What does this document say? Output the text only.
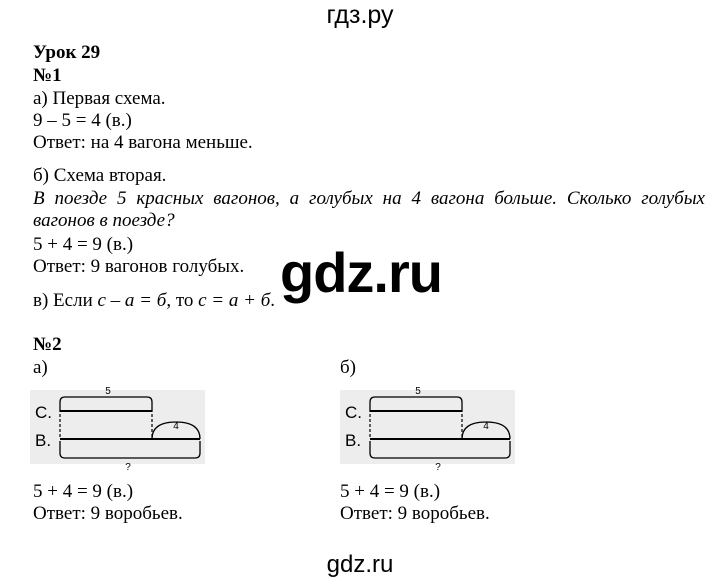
гдз.ру
Урок 29
№1
а) Первая схема.
9 – 5 = 4 (в.)
Ответ: на 4 вагона меньше.
б) Схема вторая.
В поезде 5 красных вагонов, а голубых на 4 вагона больше. Сколько голубых вагонов в поезде?
5 + 4 = 9 (в.)
Ответ: 9 вагонов голубых.
в) Если с – а = б, то с = а + б. gdz.ru
№2
а)	б)
5
С.
4
В.
?
5
С.
4
В.
?
5 + 4 = 9 (в.)
Ответ: 9 воробьев.
5 + 4 = 9 (в.)
Ответ: 9 воробьев.
gdz.ru
